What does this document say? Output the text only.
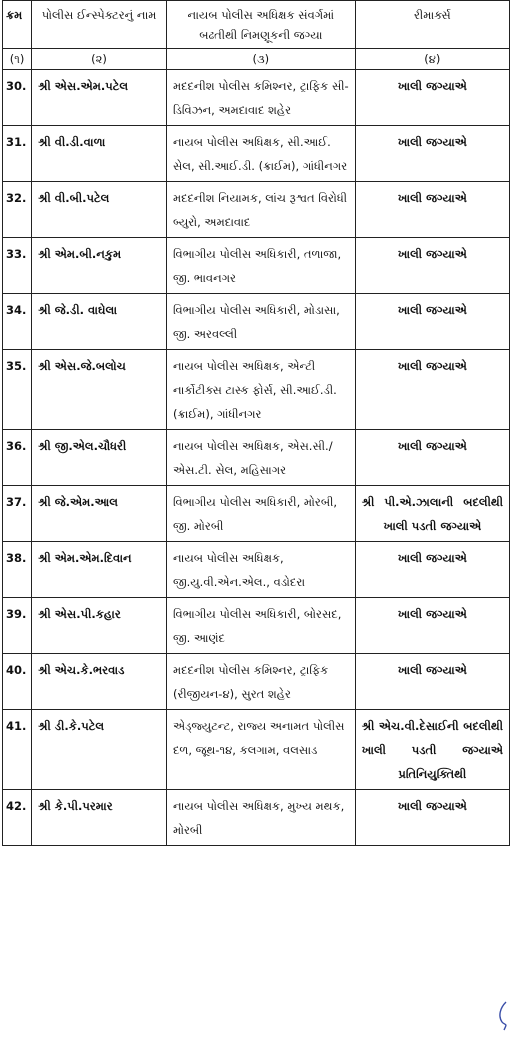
ક્રમ	પોલીસ ઈન્સ્પેક્ટરનું નામ	નાયબ પોલીસ અધિક્ષક સંવર્ગમાં બઢતીથી નિમણૂકની જગ્યા	રીમાર્ક્સ
(૧)	(૨)	(૩)	(૪)
30.	શ્રી એસ.એમ.પટેલ	મદદનીશ પોલીસ કમિશ્નર, ટ્રાફિક સી-ડિવિઝન, અમદાવાદ શહેર	ખાલી જગ્યાએ
31.	શ્રી વી.ડી.વાળા	નાયબ પોલીસ અધિક્ષક, સી.આઈ. સેલ, સી.આઈ.ડી. (ક્રાઈમ), ગાંધીનગર	ખાલી જગ્યાએ
32.	શ્રી વી.બી.પટેલ	મદદનીશ નિયામક, લાંચ રૂશ્વત વિરોધી બ્યુરો, અમદાવાદ	ખાલી જગ્યાએ
33.	શ્રી એમ.બી.નકુમ	વિભાગીય પોલીસ અધિકારી, તળાજા, જી. ભાવનગર	ખાલી જગ્યાએ
34.	શ્રી જે.ડી. વાઘેલા	વિભાગીય પોલીસ અધિકારી, મોડાસા, જી. અરવલ્લી	ખાલી જગ્યાએ
35.	શ્રી એસ.જે.બલોચ	નાયબ પોલીસ અધિક્ષક, એન્ટી નાર્કોટીક્સ ટાસ્ક ફોર્સ, સી.આઈ.ડી. (ક્રાઈમ), ગાંધીનગર	ખાલી જગ્યાએ
36.	શ્રી જી.એલ.ચૌધરી	નાયબ પોલીસ અધિક્ષક, એસ.સી./એસ.ટી. સેલ, મહિસાગર	ખાલી જગ્યાએ
37.	શ્રી જે.એમ.આલ	વિભાગીય પોલીસ અધિકારી, મોરબી, જી. મોરબી	શ્રી પી.એ.ઝાલાની બદલીથી ખાલી પડતી જગ્યાએ
38.	શ્રી એમ.એમ.દિવાન	નાયબ પોલીસ અધિક્ષક, જી.યુ.વી.એન.એલ., વડોદરા	ખાલી જગ્યાએ
39.	શ્રી એસ.પી.કહાર	વિભાગીય પોલીસ અધિકારી, બોરસદ, જી. આણંદ	ખાલી જગ્યાએ
40.	શ્રી એચ.કે.ભરવાડ	મદદનીશ પોલીસ કમિશ્નર, ટ્રાફિક (રીજીયન-૪), સુરત શહેર	ખાલી જગ્યાએ
41.	શ્રી ડી.કે.પટેલ	એડ્જ્યુટન્ટ, રાજ્ય અનામત પોલીસ દળ, જૂથ-૧૪, કલગામ, વલસાડ	શ્રી એચ.વી.દેસાઈની બદલીથી ખાલી પડતી જગ્યાએ પ્રતિનિયુક્તિથી
42.	શ્રી કે.પી.પરમાર	નાયબ પોલીસ અધિક્ષક, મુખ્ય મથક, મોરબી	ખાલી જગ્યાએ
